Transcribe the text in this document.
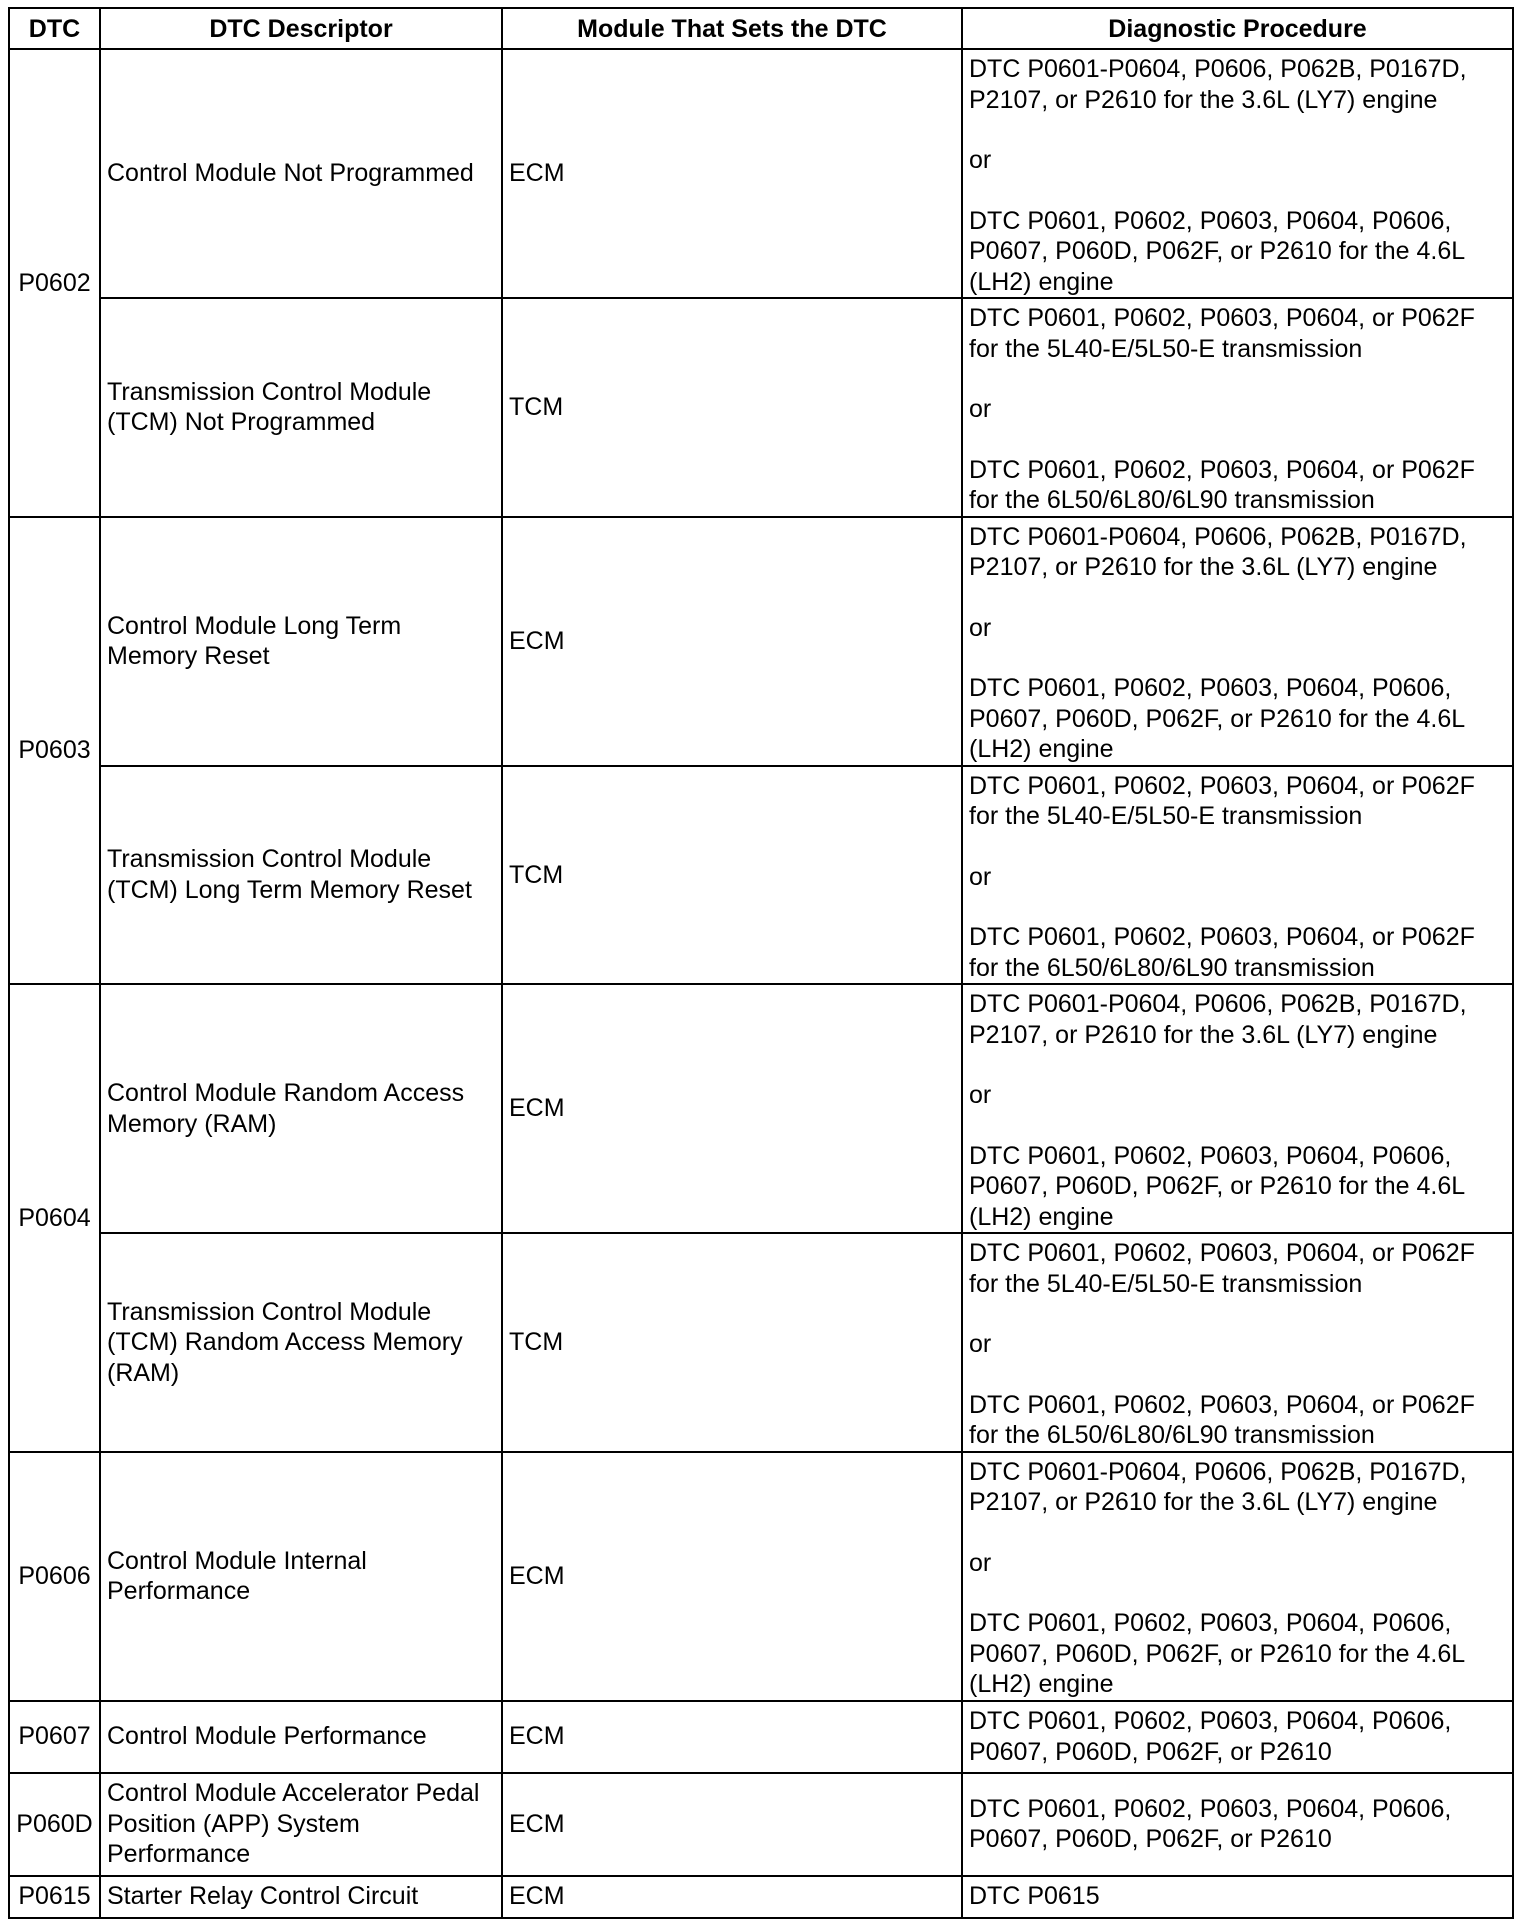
DTC	DTC Descriptor	Module That Sets the DTC	Diagnostic Procedure
P0602	Control Module Not Programmed	ECM	DTC P0601-P0604, P0606, P062B, P0167D, P2107, or P2610 for the 3.6L (LY7) engine
or
DTC P0601, P0602, P0603, P0604, P0606, P0607, P060D, P062F, or P2610 for the 4.6L (LH2) engine

	Transmission Control Module (TCM) Not Programmed	TCM	DTC P0601, P0602, P0603, P0604, or P062F for the 5L40-E/5L50-E transmission
or
DTC P0601, P0602, P0603, P0604, or P062F for the 6L50/6L80/6L90 transmission

P0603	Control Module Long Term Memory Reset	ECM	DTC P0601-P0604, P0606, P062B, P0167D, P2107, or P2610 for the 3.6L (LY7) engine
or
DTC P0601, P0602, P0603, P0604, P0606, P0607, P060D, P062F, or P2610 for the 4.6L (LH2) engine

	Transmission Control Module (TCM) Long Term Memory Reset	TCM	DTC P0601, P0602, P0603, P0604, or P062F for the 5L40-E/5L50-E transmission
or
DTC P0601, P0602, P0603, P0604, or P062F for the 6L50/6L80/6L90 transmission

P0604	Control Module Random Access Memory (RAM)	ECM	DTC P0601-P0604, P0606, P062B, P0167D, P2107, or P2610 for the 3.6L (LY7) engine
or
DTC P0601, P0602, P0603, P0604, P0606, P0607, P060D, P062F, or P2610 for the 4.6L (LH2) engine

	Transmission Control Module (TCM) Random Access Memory (RAM)	TCM	DTC P0601, P0602, P0603, P0604, or P062F for the 5L40-E/5L50-E transmission
or
DTC P0601, P0602, P0603, P0604, or P062F for the 6L50/6L80/6L90 transmission

P0606	Control Module Internal Performance	ECM	DTC P0601-P0604, P0606, P062B, P0167D, P2107, or P2610 for the 3.6L (LY7) engine
or
DTC P0601, P0602, P0603, P0604, P0606, P0607, P060D, P062F, or P2610 for the 4.6L (LH2) engine

P0607	Control Module Performance	ECM	DTC P0601, P0602, P0603, P0604, P0606, P0607, P060D, P062F, or P2610
P060D	Control Module Accelerator Pedal Position (APP) System Performance	ECM	DTC P0601, P0602, P0603, P0604, P0606, P0607, P060D, P062F, or P2610
P0615	Starter Relay Control Circuit	ECM	DTC P0615
